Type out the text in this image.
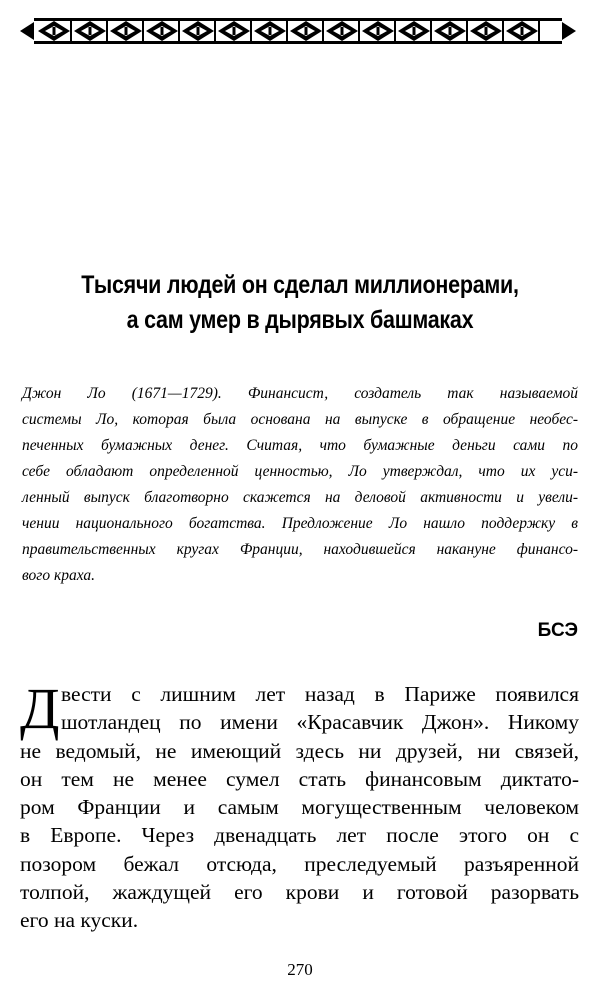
Тысячи людей он сделал миллионерами,
а сам умер в дырявых башмаках
Джон Ло (1671—1729). Финансист, создатель так называемой
системы Ло, которая была основана на выпуске в обращение необес-
печенных бумажных денег. Считая, что бумажные деньги сами по
себе обладают определенной ценностью, Ло утверждал, что их уси-
ленный выпуск благотворно скажется на деловой активности и увели-
чении национального богатства. Предложение Ло нашло поддержку в
правительственных кругах Франции, находившейся накануне финансо-
вого краха.
БСЭ
Д вести с лишним лет назад в Париже появился
шотландец по имени «Красавчик Джон». Никому
не ведомый, не имеющий здесь ни друзей, ни связей,
он тем не менее сумел стать финансовым диктато-
ром Франции и самым могущественным человеком
в Европе. Через двенадцать лет после этого он с
позором бежал отсюда, преследуемый разъяренной
толпой, жаждущей его крови и готовой разорвать
его на куски.
270
